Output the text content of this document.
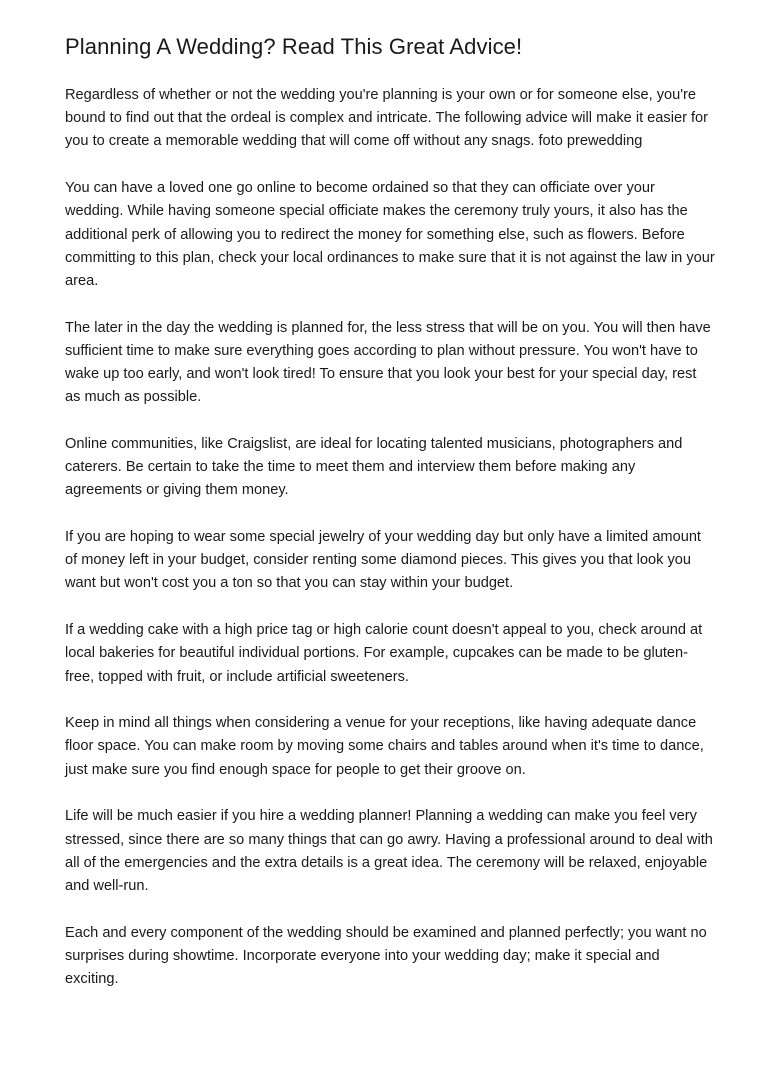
Planning A Wedding? Read This Great Advice!

Regardless of whether or not the wedding you're planning is your own or for someone else, you're bound to find out that the ordeal is complex and intricate. The following advice will make it easier for you to create a memorable wedding that will come off without any snags. foto prewedding

You can have a loved one go online to become ordained so that they can officiate over your wedding. While having someone special officiate makes the ceremony truly yours, it also has the additional perk of allowing you to redirect the money for something else, such as flowers. Before committing to this plan, check your local ordinances to make sure that it is not against the law in your area.

The later in the day the wedding is planned for, the less stress that will be on you. You will then have sufficient time to make sure everything goes according to plan without pressure. You won't have to wake up too early, and won't look tired! To ensure that you look your best for your special day, rest as much as possible.

Online communities, like Craigslist, are ideal for locating talented musicians, photographers and caterers. Be certain to take the time to meet them and interview them before making any agreements or giving them money.

If you are hoping to wear some special jewelry of your wedding day but only have a limited amount of money left in your budget, consider renting some diamond pieces. This gives you that look you want but won't cost you a ton so that you can stay within your budget.

If a wedding cake with a high price tag or high calorie count doesn't appeal to you, check around at local bakeries for beautiful individual portions. For example, cupcakes can be made to be gluten-free, topped with fruit, or include artificial sweeteners.

Keep in mind all things when considering a venue for your receptions, like having adequate dance floor space. You can make room by moving some chairs and tables around when it's time to dance, just make sure you find enough space for people to get their groove on.

Life will be much easier if you hire a wedding planner! Planning a wedding can make you feel very stressed, since there are so many things that can go awry. Having a professional around to deal with all of the emergencies and the extra details is a great idea. The ceremony will be relaxed, enjoyable and well-run.

Each and every component of the wedding should be examined and planned perfectly; you want no surprises during showtime. Incorporate everyone into your wedding day; make it special and exciting.
